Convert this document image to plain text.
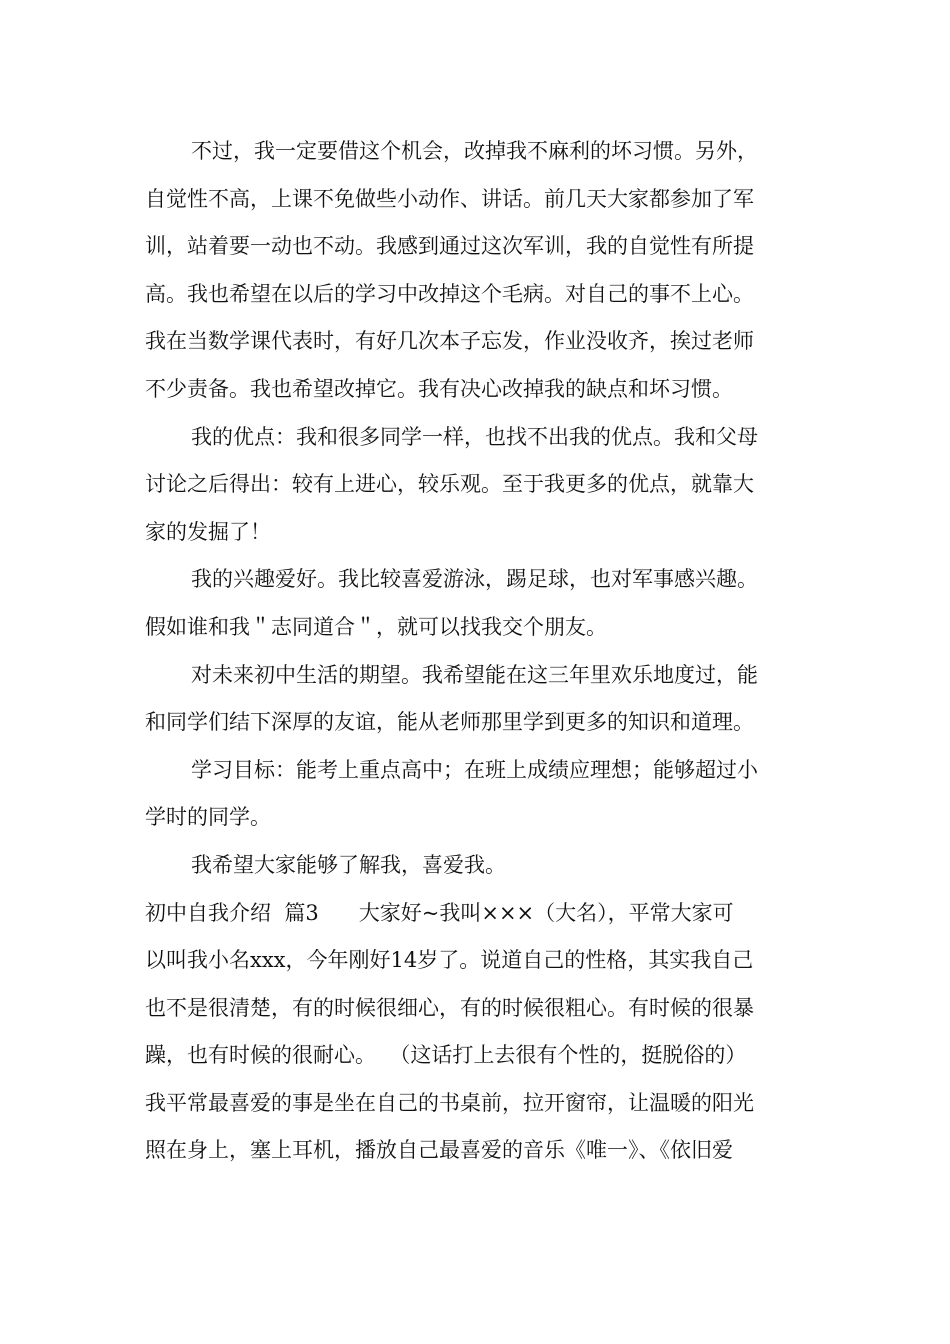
不过，我一定要借这个机会，改掉我不麻利的坏习惯。另外，
自觉性不高，上课不免做些小动作、讲话。前几天大家都参加了军
训，站着要一动也不动。我感到通过这次军训，我的自觉性有所提
高。我也希望在以后的学习中改掉这个毛病。对自己的事不上心。
我在当数学课代表时，有好几次本子忘发，作业没收齐，挨过老师
不少责备。我也希望改掉它。我有决心改掉我的缺点和坏习惯。
我的优点：我和很多同学一样，也找不出我的优点。我和父母
讨论之后得出：较有上进心，较乐观。至于我更多的优点，就靠大
家的发掘了！
我的兴趣爱好。我比较喜爱游泳，踢足球，也对军事感兴趣。
假如谁和我＂志同道合＂，就可以找我交个朋友。
对未来初中生活的期望。我希望能在这三年里欢乐地度过，能
和同学们结下深厚的友谊，能从老师那里学到更多的知识和道理。
学习目标：能考上重点高中；在班上成绩应理想；能够超过小
学时的同学。
我希望大家能够了解我，喜爱我。
初中自我介绍  篇3      大家好~我叫×××（大名），平常大家可
以叫我小名xxx，今年刚好14岁了。说道自己的性格，其实我自己
也不是很清楚，有的时候很细心，有的时候很粗心。有时候的很暴
躁，也有时候的很耐心。  （这话打上去很有个性的，挺脱俗的）
我平常最喜爱的事是坐在自己的书桌前，拉开窗帘，让温暖的阳光
照在身上，塞上耳机，播放自己最喜爱的音乐《唯一》、《依旧爱
